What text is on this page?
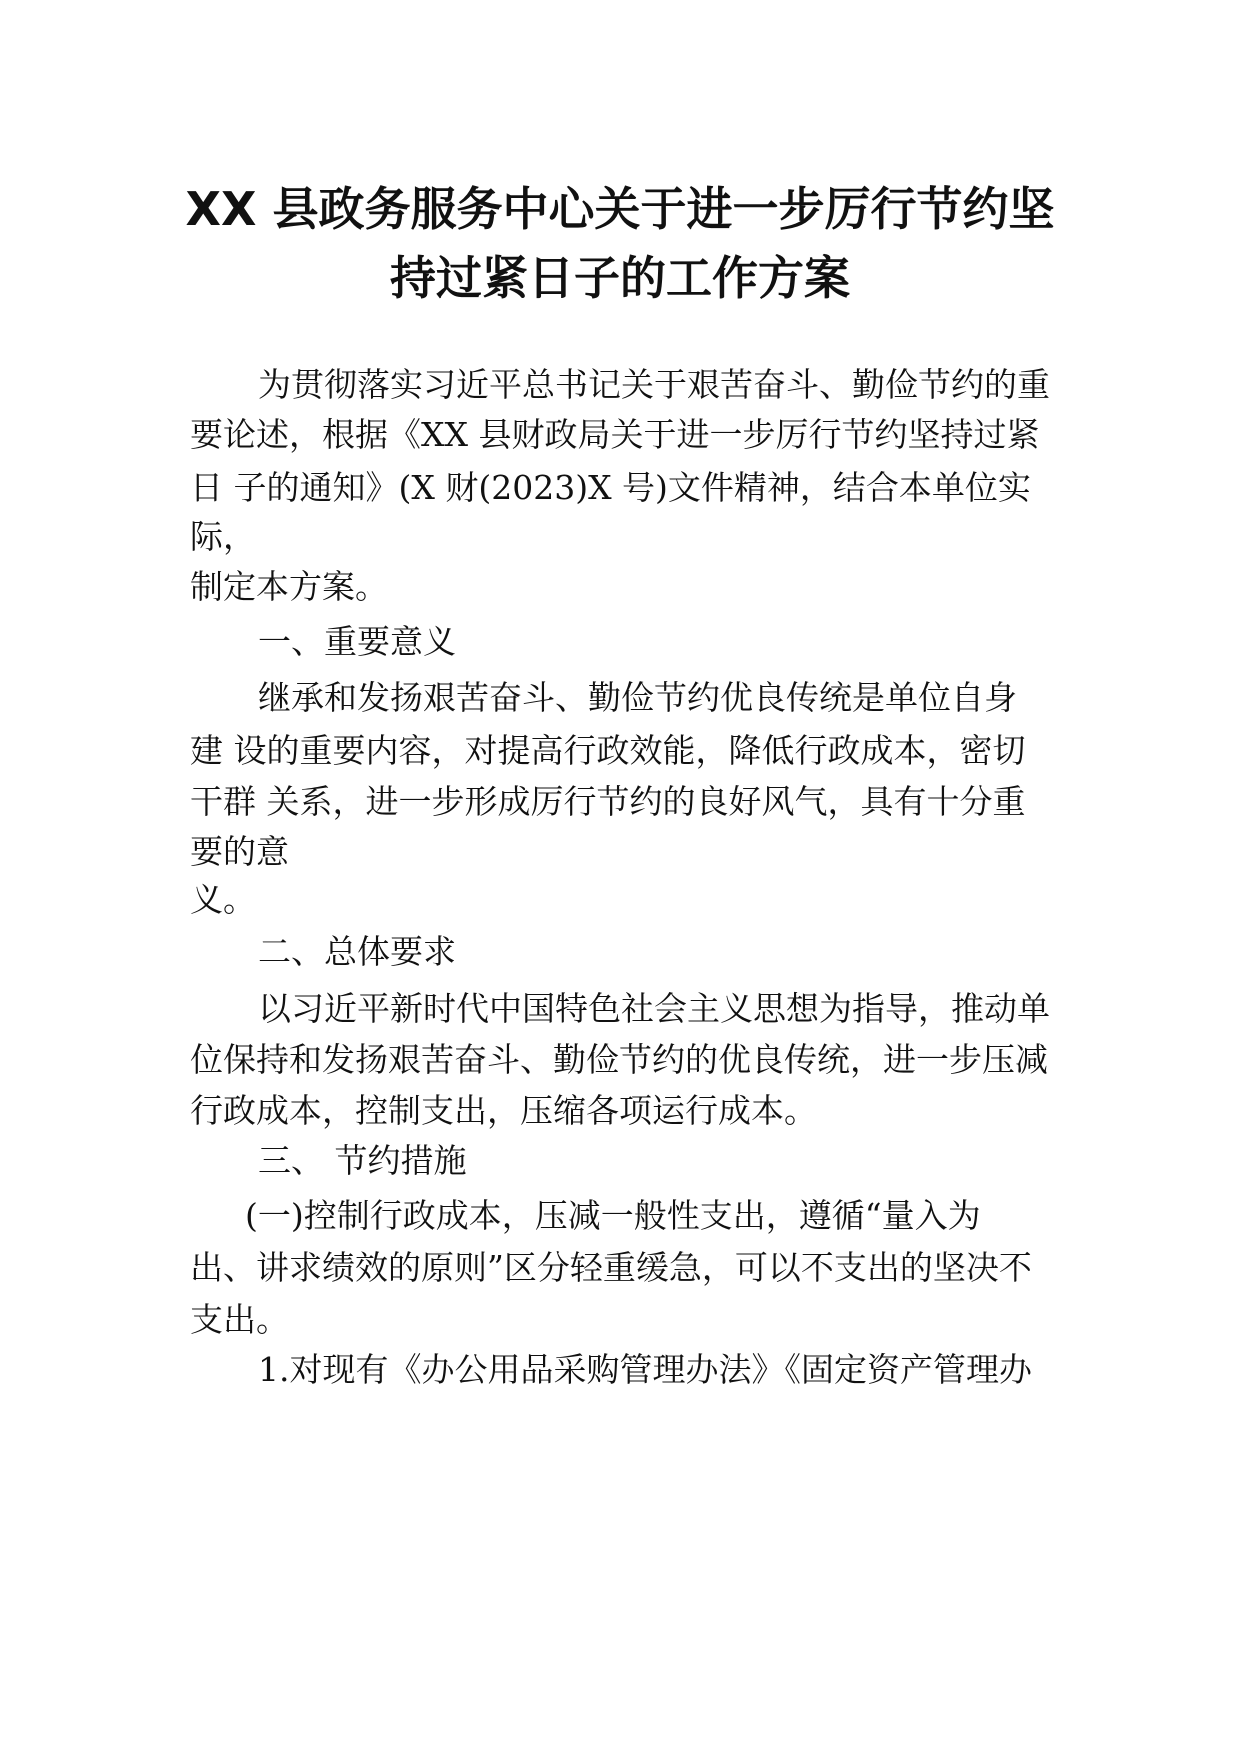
XX 县政务服务中心关于进一步厉行节约坚
持过紧日子的工作方案
为贯彻落实习近平总书记关于艰苦奋斗、勤俭节约的重
要论述，根据《XX 县财政局关于进一步厉行节约坚持过紧
日 子的通知》(X 财(2023)X 号)文件精神，结合本单位实
际，
制定本方案。
一、重要意义
继承和发扬艰苦奋斗、勤俭节约优良传统是单位自身
建 设的重要内容，对提高行政效能，降低行政成本，密切
干群 关系，进一步形成厉行节约的良好风气，具有十分重
要的意
义。
二、总体要求
以习近平新时代中国特色社会主义思想为指导，推动单
位保持和发扬艰苦奋斗、勤俭节约的优良传统，进一步压减
行政成本，控制支出，压缩各项运行成本。
三、 节约措施
(一)控制行政成本，压减一般性支出，遵循“量入为
出、讲求绩效的原则”区分轻重缓急，可以不支出的坚决不
支出。
1.对现有《办公用品采购管理办法》《固定资产管理办
